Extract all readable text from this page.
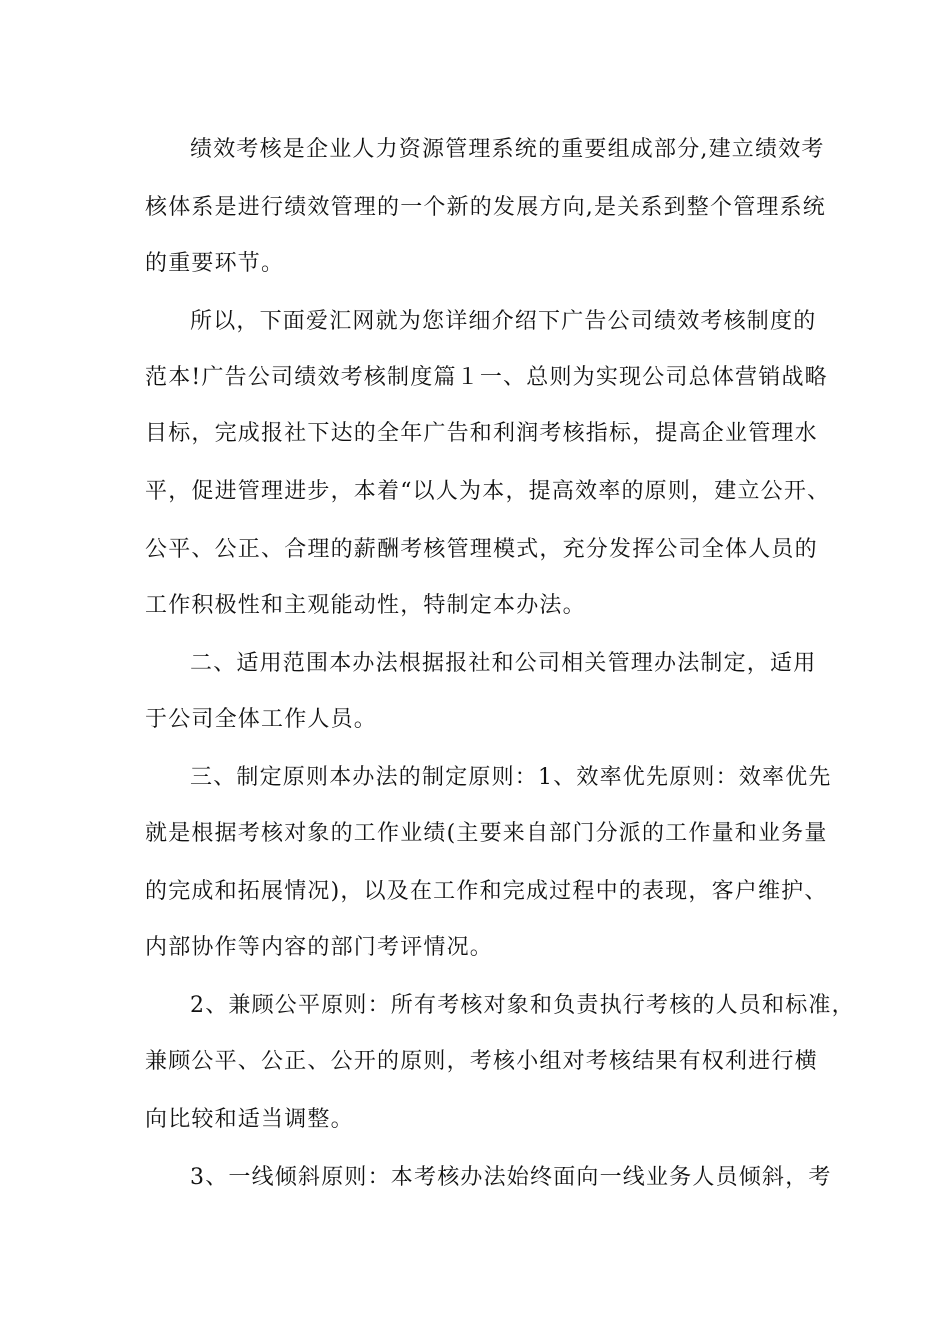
绩效考核是企业人力资源管理系统的重要组成部分,建立绩效考
核体系是进行绩效管理的一个新的发展方向,是关系到整个管理系统
的重要环节。
所以，下面爱汇网就为您详细介绍下广告公司绩效考核制度的
范本!广告公司绩效考核制度篇１一、总则为实现公司总体营销战略
目标，完成报社下达的全年广告和利润考核指标，提高企业管理水
平，促进管理进步，本着“以人为本，提高效率的原则，建立公开、
公平、公正、合理的薪酬考核管理模式，充分发挥公司全体人员的
工作积极性和主观能动性，特制定本办法。
二、适用范围本办法根据报社和公司相关管理办法制定，适用
于公司全体工作人员。
三、制定原则本办法的制定原则：1、效率优先原则：效率优先
就是根据考核对象的工作业绩(主要来自部门分派的工作量和业务量
的完成和拓展情况)，以及在工作和完成过程中的表现，客户维护、
内部协作等内容的部门考评情况。
2、兼顾公平原则：所有考核对象和负责执行考核的人员和标准，
兼顾公平、公正、公开的原则，考核小组对考核结果有权利进行横
向比较和适当调整。
3、一线倾斜原则：本考核办法始终面向一线业务人员倾斜，考
